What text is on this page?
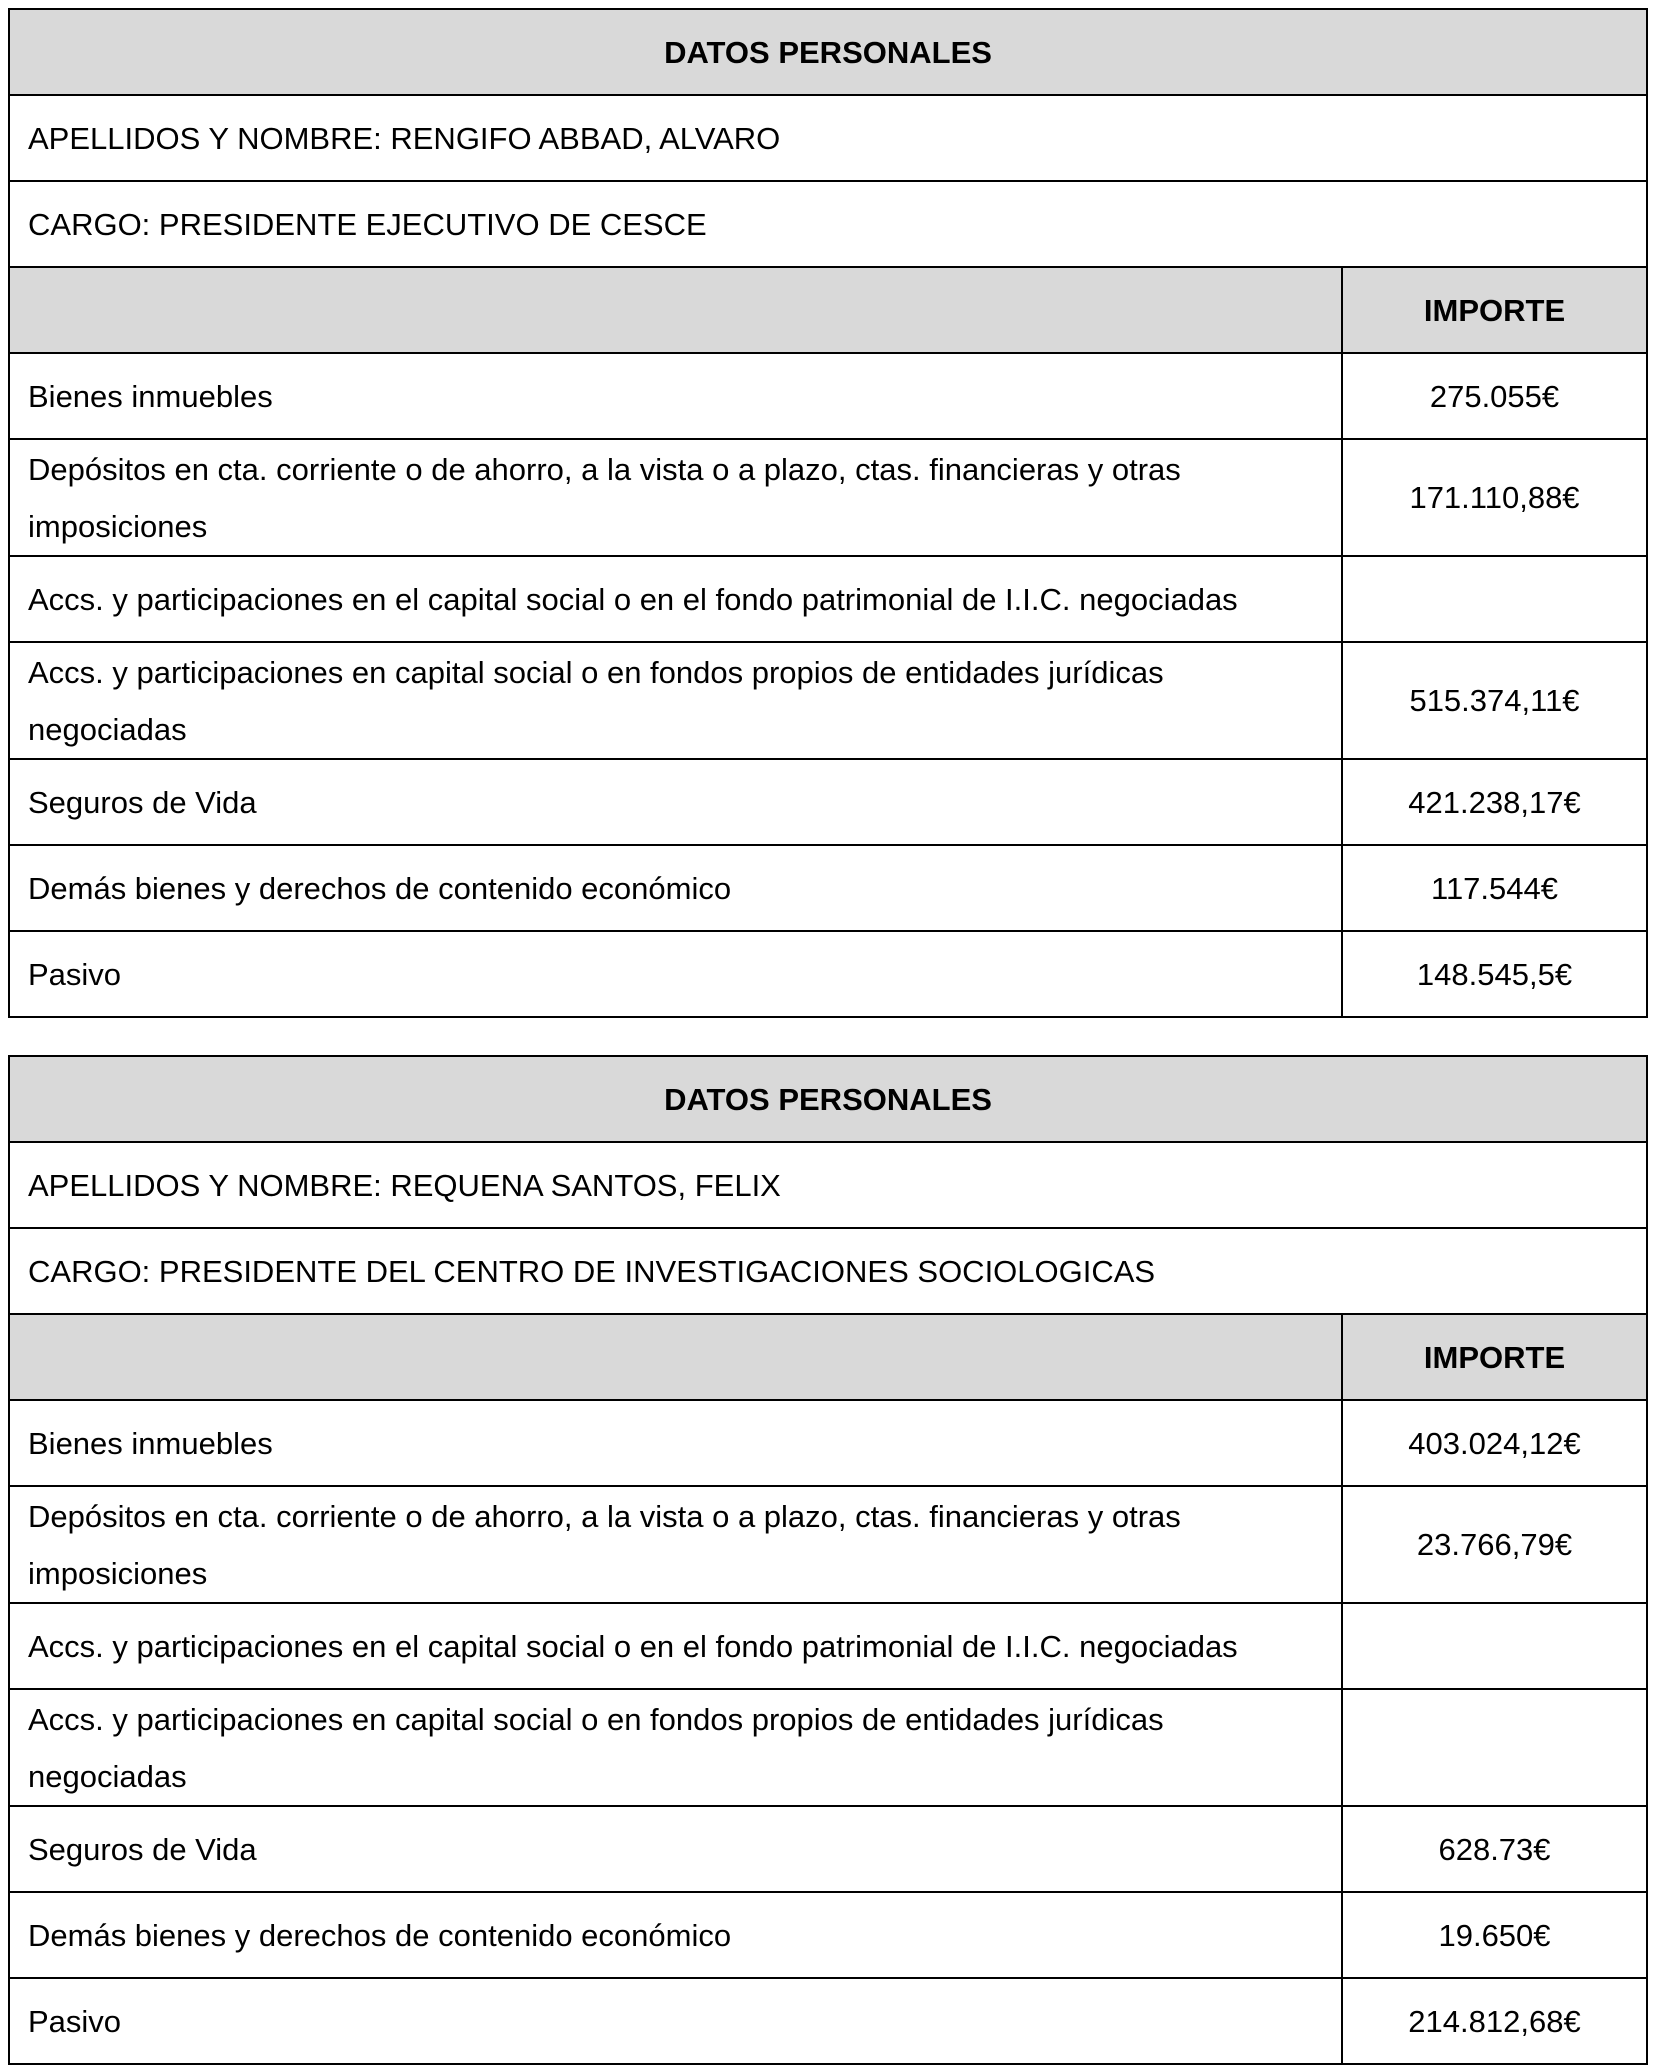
DATOS PERSONALES	
APELLIDOS Y NOMBRE: RENGIFO ABBAD, ALVARO	
CARGO: PRESIDENTE EJECUTIVO DE CESCE	
	IMPORTE
Bienes inmuebles	275.055€
Depósitos en cta. corriente o de ahorro, a la vista o a plazo, ctas. financieras y otras imposiciones	171.110,88€
Accs. y participaciones en el capital social o en el fondo patrimonial de I.I.C. negociadas	
Accs. y participaciones en capital social o en fondos propios de entidades jurídicas negociadas	515.374,11€
Seguros de Vida	421.238,17€
Demás bienes y derechos de contenido económico	117.544€
Pasivo	148.545,5€
DATOS PERSONALES	
APELLIDOS Y NOMBRE: REQUENA SANTOS, FELIX	
CARGO: PRESIDENTE DEL CENTRO DE INVESTIGACIONES SOCIOLOGICAS	
	IMPORTE
Bienes inmuebles	403.024,12€
Depósitos en cta. corriente o de ahorro, a la vista o a plazo, ctas. financieras y otras imposiciones	23.766,79€
Accs. y participaciones en el capital social o en el fondo patrimonial de I.I.C. negociadas	
Accs. y participaciones en capital social o en fondos propios de entidades jurídicas negociadas	
Seguros de Vida	628.73€
Demás bienes y derechos de contenido económico	19.650€
Pasivo	214.812,68€
